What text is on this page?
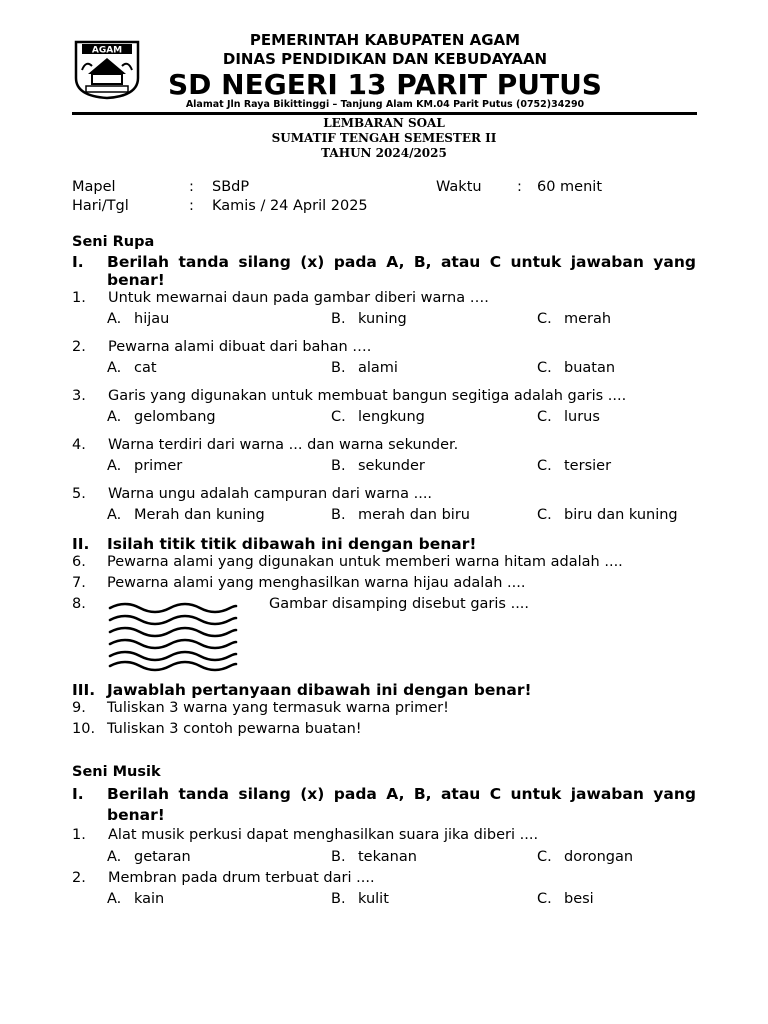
AGAM
PEMERINTAH KABUPATEN AGAM
DINAS PENDIDIKAN DAN KEBUDAYAAN
SD NEGERI 13 PARIT PUTUS
Alamat Jln Raya Bikittinggi – Tanjung Alam KM.04 Parit Putus (0752)34290
LEMBARAN SOAL
SUMATIF TENGAH SEMESTER II
TAHUN 2024/2025
Mapel	: SBdP	Waktu : 60 menit
Hari/Tgl	: Kamis / 24 April 2025
Seni Rupa
I. Berilah tanda silang (x) pada A, B, atau C untuk jawaban yang
benar!
1. Untuk mewarnai daun pada gambar diberi warna ….
A. hijau	B. kuning	C. merah
2. Pewarna alami dibuat dari bahan ….
A. cat	B. alami	C. buatan
3. Garis yang digunakan untuk membuat bangun segitiga adalah garis ....
A. gelombang	C. lengkung	C. lurus
4. Warna terdiri dari warna ... dan warna sekunder.
A. primer	B. sekunder	C. tersier
5. Warna ungu adalah campuran dari warna ....
A. Merah dan kuning	B. merah dan biru	C. biru dan kuning
II. Isilah titik titik dibawah ini dengan benar!
6. Pewarna alami yang digunakan untuk memberi warna hitam adalah ....
7. Pewarna alami yang menghasilkan warna hijau adalah ....
8.	Gambar disamping disebut garis ....
III. Jawablah pertanyaan dibawah ini dengan benar!
9. Tuliskan 3 warna yang termasuk warna primer!
10. Tuliskan 3 contoh pewarna buatan!
Seni Musik
I. Berilah tanda silang (x) pada A, B, atau C untuk jawaban yang
benar!
1. Alat musik perkusi dapat menghasilkan suara jika diberi ....
A. getaran	B. tekanan	C. dorongan
2. Membran pada drum terbuat dari ....
A. kain	B. kulit	C. besi
